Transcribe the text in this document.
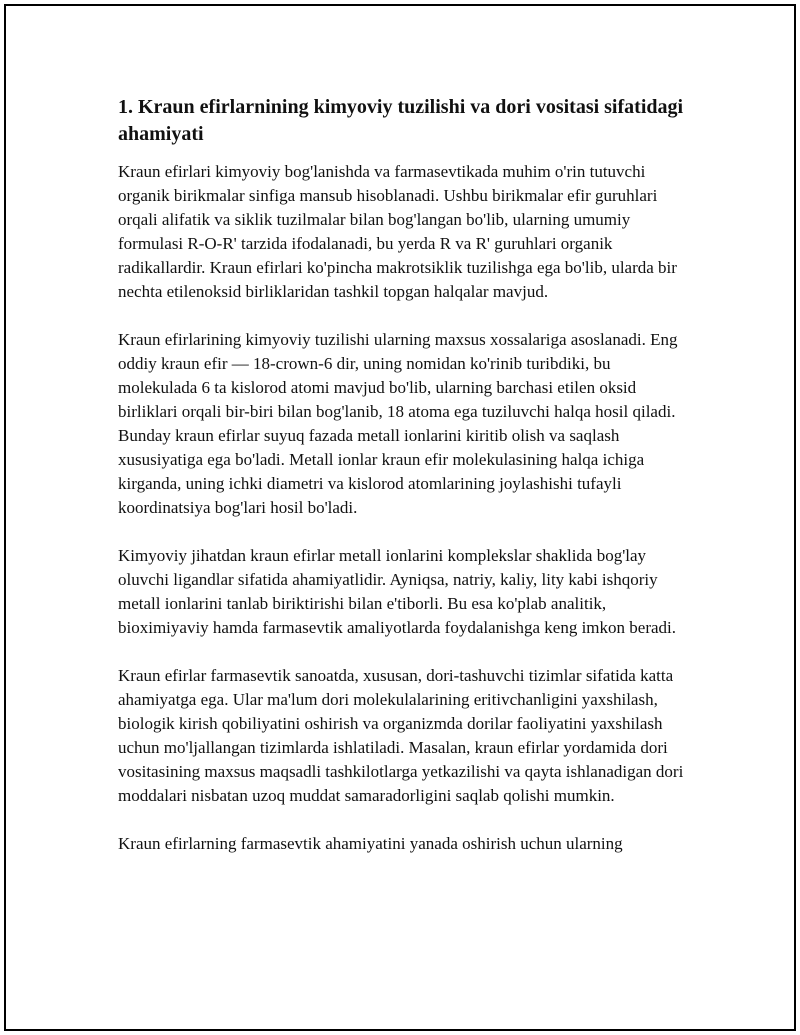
1. Kraun efirlarnining kimyoviy tuzilishi va dori vositasi sifatidagi ahamiyati

Kraun efirlari kimyoviy bog'lanishda va farmasevtikada muhim o'rin tutuvchi organik birikmalar sinfiga mansub hisoblanadi. Ushbu birikmalar efir guruhlari orqali alifatik va siklik tuzilmalar bilan bog'langan bo'lib, ularning umumiy formulasi R-O-R' tarzida ifodalanadi, bu yerda R va R' guruhlari organik radikallardir. Kraun efirlari ko'pincha makrotsiklik tuzilishga ega bo'lib, ularda bir nechta etilenoksid birliklaridan tashkil topgan halqalar mavjud.

Kraun efirlarining kimyoviy tuzilishi ularning maxsus xossalariga asoslanadi. Eng oddiy kraun efir — 18-crown-6 dir, uning nomidan ko'rinib turibdiki, bu molekulada 6 ta kislorod atomi mavjud bo'lib, ularning barchasi etilen oksid birliklari orqali bir-biri bilan bog'lanib, 18 atoma ega tuziluvchi halqa hosil qiladi. Bunday kraun efirlar suyuq fazada metall ionlarini kiritib olish va saqlash xususiyatiga ega bo'ladi. Metall ionlar kraun efir molekulasining halqa ichiga kirganda, uning ichki diametri va kislorod atomlarining joylashishi tufayli koordinatsiya bog'lari hosil bo'ladi.

Kimyoviy jihatdan kraun efirlar metall ionlarini komplekslar shaklida bog'lay oluvchi ligandlar sifatida ahamiyatlidir. Ayniqsa, natriy, kaliy, lity kabi ishqoriy metall ionlarini tanlab biriktirishi bilan e'tiborli. Bu esa ko'plab analitik, bioximiyaviy hamda farmasevtik amaliyotlarda foydalanishga keng imkon beradi.

Kraun efirlar farmasevtik sanoatda, xususan, dori-tashuvchi tizimlar sifatida katta ahamiyatga ega. Ular ma'lum dori molekulalarining eritivchanligini yaxshilash, biologik kirish qobiliyatini oshirish va organizmda dorilar faoliyatini yaxshilash uchun mo'ljallangan tizimlarda ishlatiladi. Masalan, kraun efirlar yordamida dori vositasining maxsus maqsadli tashkilotlarga yetkazilishi va qayta ishlanadigan dori moddalari nisbatan uzoq muddat samaradorligini saqlab qolishi mumkin.

Kraun efirlarning farmasevtik ahamiyatini yanada oshirish uchun ularning
